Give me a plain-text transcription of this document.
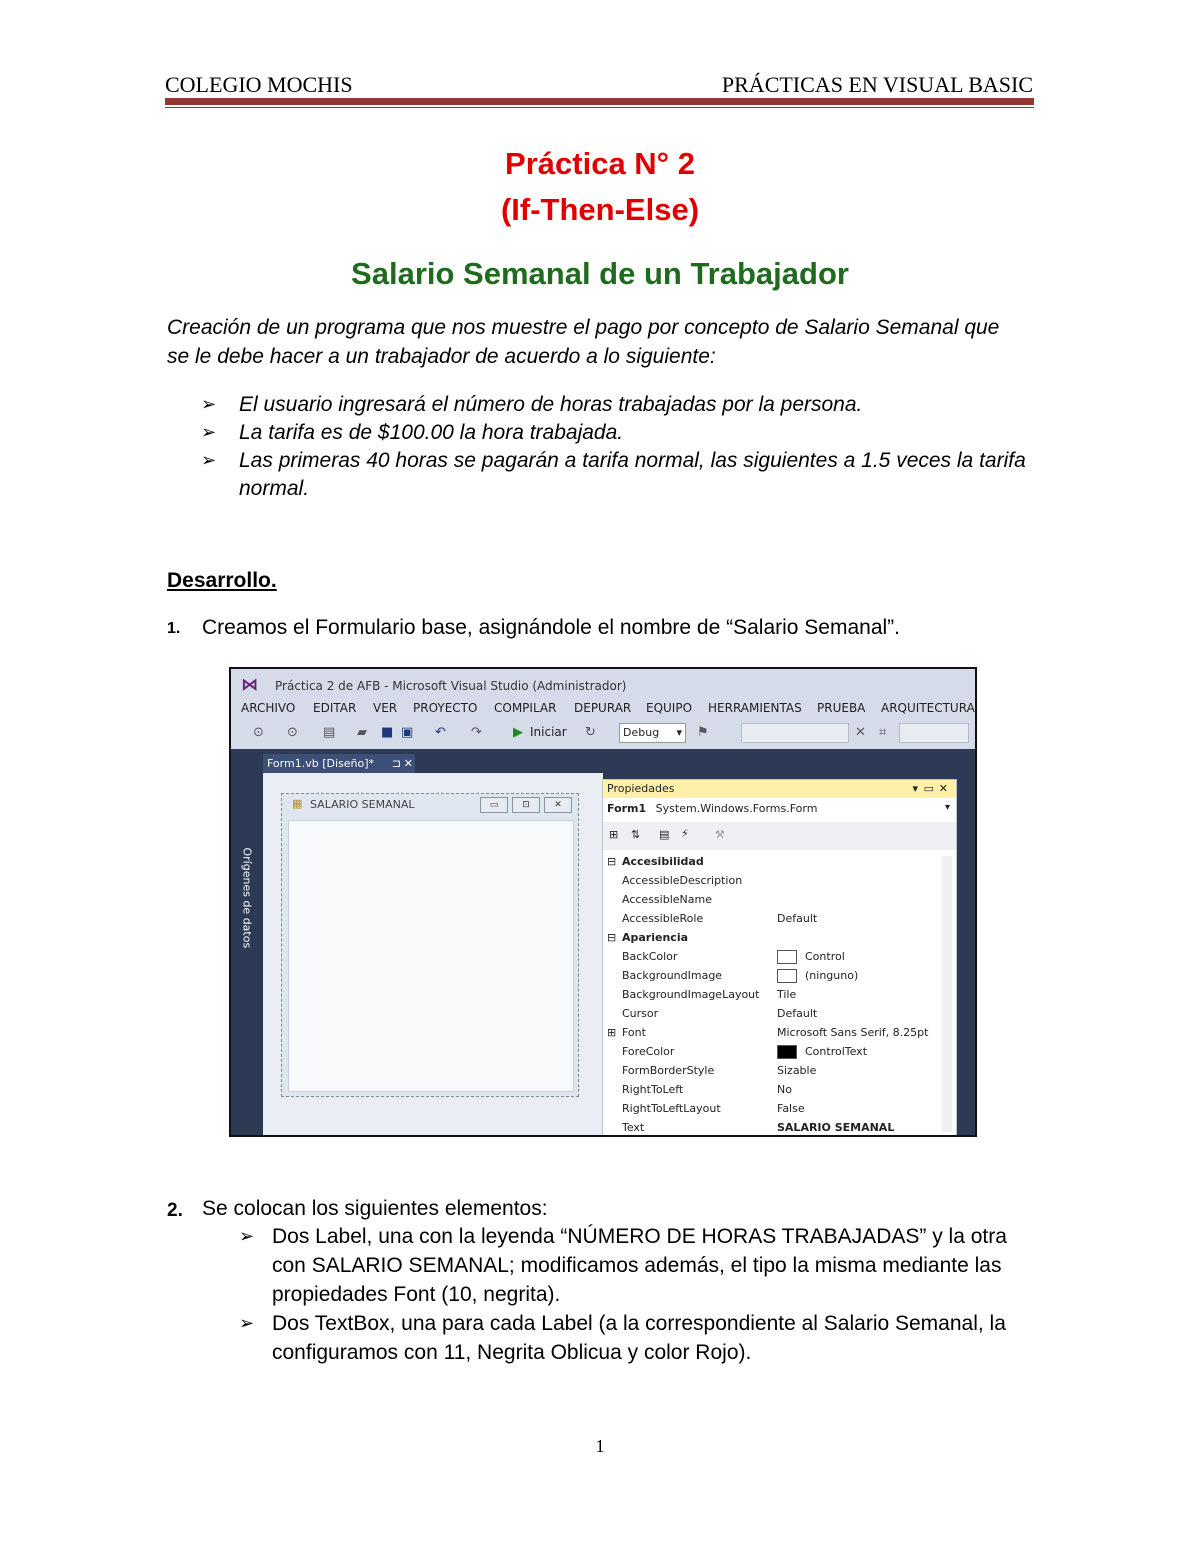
COLEGIO MOCHIS	PRÁCTICAS EN VISUAL BASIC
Práctica N° 2
(If-Then-Else)
Salario Semanal de un Trabajador
Creación de un programa que nos muestre el pago por concepto de Salario Semanal que
se le debe hacer a un trabajador de acuerdo a lo siguiente:
➢ El usuario ingresará el número de horas trabajadas por la persona.
➢ La tarifa es de $100.00 la hora trabajada.
➢ Las primeras 40 horas se pagarán a tarifa normal, las siguientes a 1.5 veces la tarifa
normal.
Desarrollo.
1. Creamos el Formulario base, asignándole el nombre de “Salario Semanal”.
⋈	Práctica 2 de AFB - Microsoft Visual Studio (Administrador)
ARCHIVO EDITAR VER PROYECTO COMPILAR DEPURAR EQUIPO HERRAMIENTAS PRUEBA ARQUITECTURA
⊙ ⊙ ▤ ▰ ■ ▣ ↶ ↷ ▶ Iniciar ↻	Debug ▾ ⚑	✕ ⌗
Orígenes de datos
Form1.vb [Diseño]* ⊐ ✕
▦ SALARIO SEMANAL	▭	⊡	✕
Propiedades	▾ ▭ ✕
Form1 System.Windows.Forms.Form	▾
⊞ ⇅ ▤ ⚡ ⚒
⊟ Accesibilidad
AccessibleDescription
AccessibleName
AccessibleRole	Default
⊟ Apariencia
BackColor	Control
BackgroundImage	(ninguno)
BackgroundImageLayout Tile
Cursor	Default
⊞ Font	Microsoft Sans Serif, 8.25pt
ForeColor	ControlText
FormBorderStyle	Sizable
RightToLeft	No
RightToLeftLayout	False
Text	SALARIO SEMANAL
2. Se colocan los siguientes elementos:
➢ Dos Label, una con la leyenda “NÚMERO DE HORAS TRABAJADAS” y la otra
con SALARIO SEMANAL; modificamos además, el tipo la misma mediante las
propiedades Font (10, negrita).
➢ Dos TextBox, una para cada Label (a la correspondiente al Salario Semanal, la
configuramos con 11, Negrita Oblicua y color Rojo).
1
